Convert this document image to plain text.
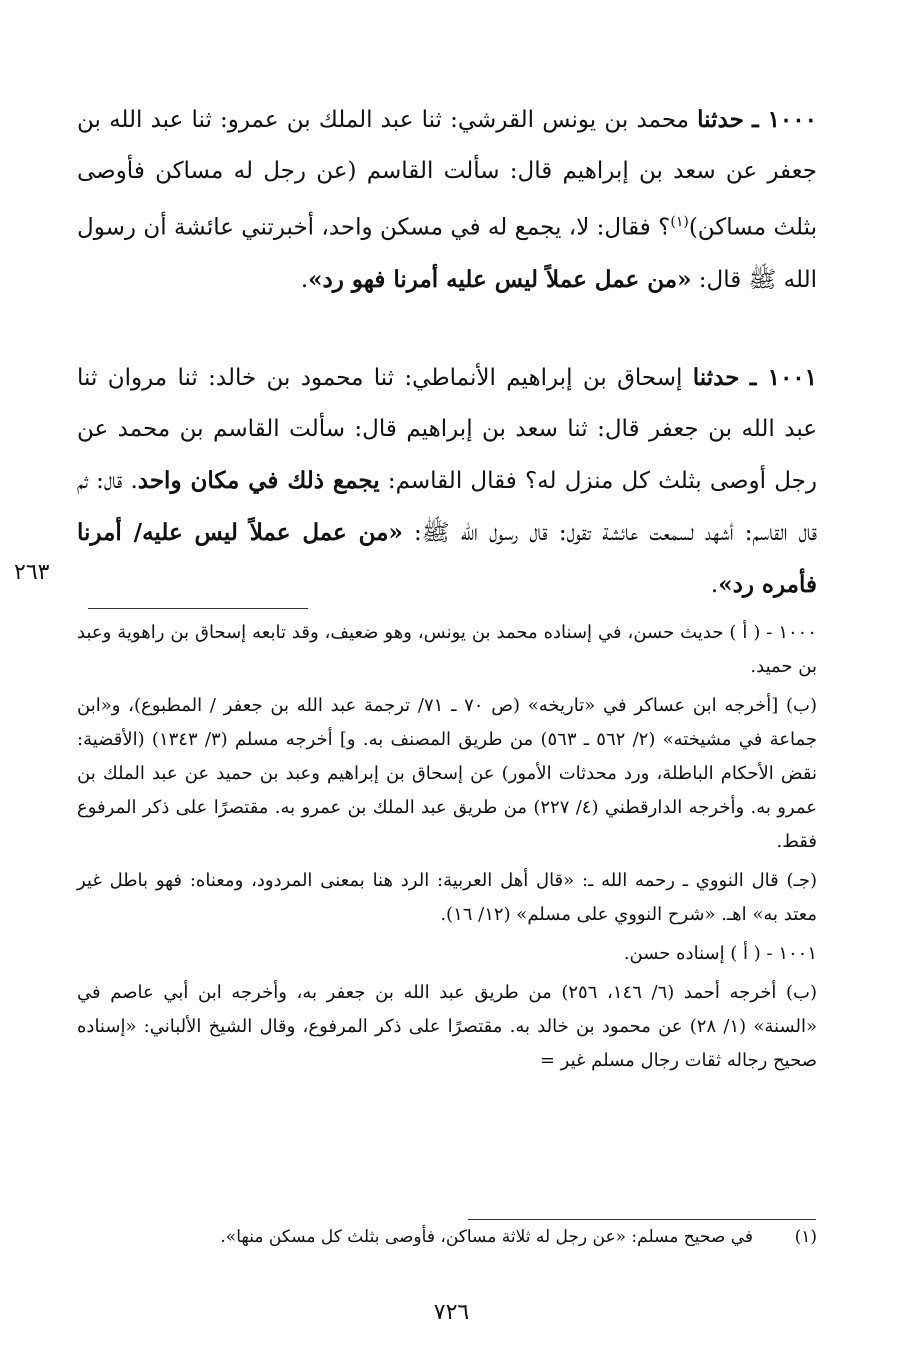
١٠٠٠ ـ حدثنا محمد بن يونس القرشي: ثنا عبد الملك بن عمرو: ثنا عبد الله بن جعفر عن سعد بن إبراهيم قال: سألت القاسم (عن رجل له مساكن فأوصى بثلث مساكن)$^{(١)}$؟ فقال: لا، يجمع له في مسكن واحد، أخبرتني عائشة أن رسول الله ﷺ قال: «من عمل عملاً ليس عليه أمرنا فهو رد».
١٠٠١ ـ حدثنا إسحاق بن إبراهيم الأنماطي: ثنا محمود بن خالد: ثنا مروان ثنا عبد الله بن جعفر قال: ثنا سعد بن إبراهيم قال: سألت القاسم بن محمد عن رجل أوصى بثلث كل منزل له؟ فقال القاسم: يجمع ذلك في مكان واحد. قال: ثم قال القاسم: أشهد لسمعت عائشة تقول: قال رسول الله ﷺ: «من عمل عملاً ليس عليه/ أمرنا فأمره رد».
٢٦٣

١٠٠٠ - ( أ ) حديث حسن، في إسناده محمد بن يونس، وهو ضعيف، وقد تابعه إسحاق بن راهوية وعبد بن حميد.

(ب) [أخرجه ابن عساكر في «تاريخه» (ص ٧٠ ـ ٧١/ ترجمة عبد الله بن جعفر / المطبوع)، و«ابن جماعة في مشيخته» (٢/ ٥٦٢ ـ ٥٦٣) من طريق المصنف به. و] أخرجه مسلم (٣/ ١٣٤٣) (الأقضية: نقض الأحكام الباطلة، ورد محدثات الأمور) عن إسحاق بن إبراهيم وعبد بن حميد عن عبد الملك بن عمرو به. وأخرجه الدارقطني (٤/ ٢٢٧) من طريق عبد الملك بن عمرو به. مقتصرًا على ذكر المرفوع فقط.

(جـ) قال النووي ـ رحمه الله ـ: «قال أهل العربية: الرد هنا بمعنى المردود، ومعناه: فهو باطل غير معتد به» اهـ. «شرح النووي على مسلم» (١٢/ ١٦).

١٠٠١ - ( أ ) إسناده حسن.

(ب) أخرجه أحمد (٦/ ١٤٦، ٢٥٦) من طريق عبد الله بن جعفر به، وأخرجه ابن أبي عاصم في «السنة» (١/ ٢٨) عن محمود بن خالد به. مقتصرًا على ذكر المرفوع، وقال الشيخ الألباني: «إسناده صحيح رجاله ثقات رجال مسلم غير =

(١)
في صحيح مسلم: «عن رجل له ثلاثة مساكن، فأوصى بثلث كل مسكن منها».
٧٢٦
